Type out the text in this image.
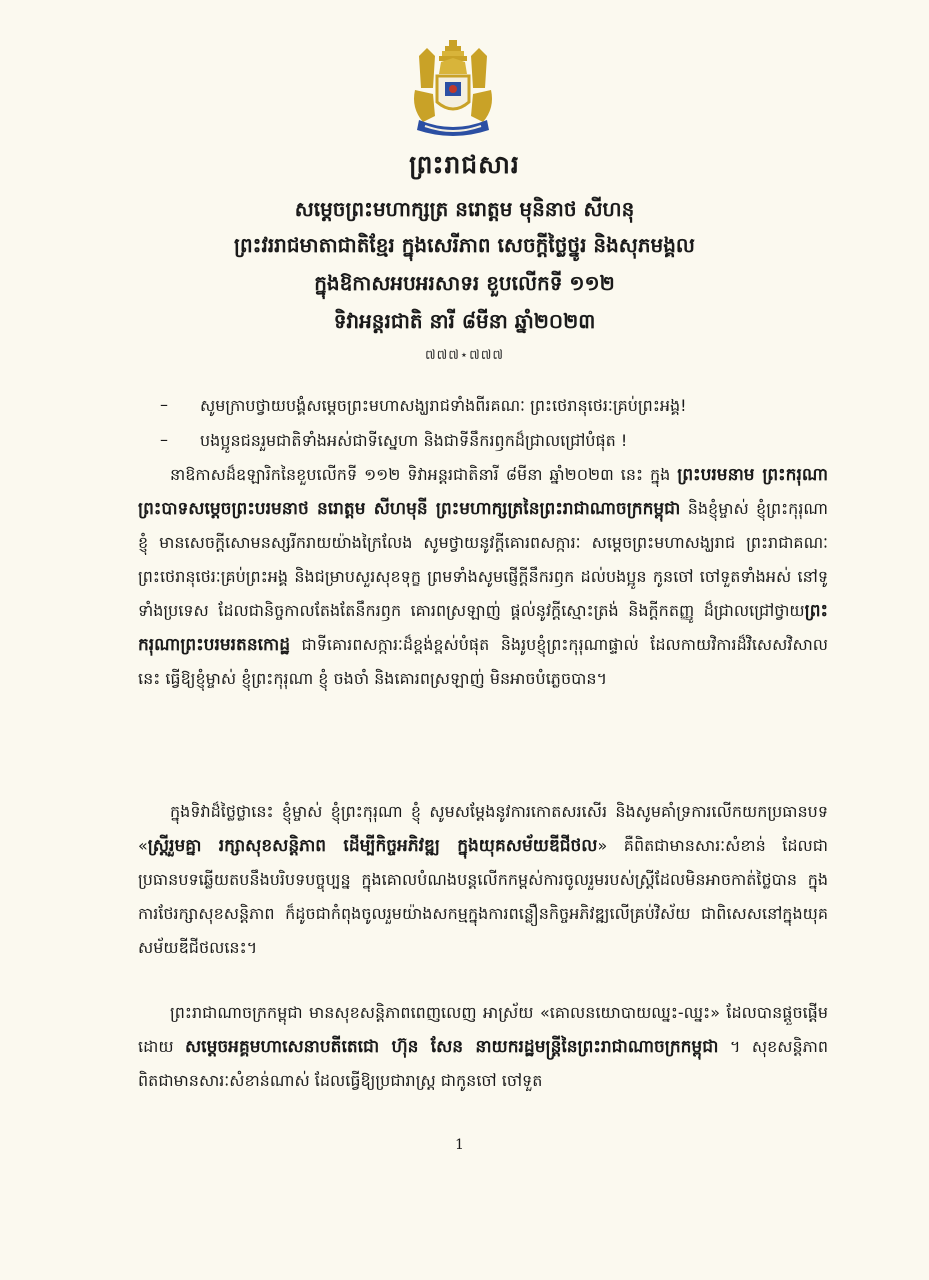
ព្រះរាជសារ
សម្តេចព្រះមហាក្សត្រ នរោត្តម មុនិនាថ សីហនុ
ព្រះវររាជមាតាជាតិខ្មែរ ក្នុងសេរីភាព សេចក្តីថ្លៃថ្នូរ និងសុភមង្គល
ក្នុងឱកាសអបអរសាទរ ខួបលើកទី ១១២
ទិវាអន្តរជាតិ នារី ៨មីនា ឆ្នាំ២០២៣
៧៧៧⋆៧៧៧
– សូមក្រាបថ្វាយបង្គំសម្តេចព្រះមហាសង្ឃរាជទាំងពីរគណៈ ព្រះថេរានុថេរៈគ្រប់ព្រះអង្គ!
– បងប្អូនជនរួមជាតិទាំងអស់ជាទីស្នេហា និងជាទីនឹករឭកដ៏ជ្រាលជ្រៅបំផុត !
នាឱកាសដ៏ឧឡារិកនៃខួបលើកទី ១១២ ទិវាអន្តរជាតិនារី ៨មីនា ឆ្នាំ២០២៣ នេះ ក្នុង ព្រះបរមនាម ព្រះករុណា ព្រះបាទសម្តេចព្រះបរមនាថ នរោត្តម សីហមុនី ព្រះមហាក្សត្រនៃព្រះរាជាណាចក្រកម្ពុជា និងខ្ញុំម្ចាស់ ខ្ញុំព្រះកុរុណា ខ្ញុំ មានសេចក្តីសោមនស្សរីករាយយ៉ាងក្រៃលែង សូមថ្វាយនូវក្តីគោរពសក្ការៈ សម្តេចព្រះមហាសង្ឃរាជ ព្រះរាជាគណៈ ព្រះថេរានុថេរៈគ្រប់ព្រះអង្គ និងជម្រាបសួរសុខទុក្ខ ព្រមទាំងសូមផ្ញើក្តីនឹករឭក ដល់បងប្អូន កូនចៅ ចៅទួតទាំងអស់ នៅទូទាំងប្រទេស ដែលជានិច្ចកាលតែងតែនឹករឭក គោរពស្រឡាញ់ ផ្តល់នូវក្តីស្មោះត្រង់ និងក្តីកតញ្ញូ ដ៏ជ្រាលជ្រៅថ្វាយព្រះករុណាព្រះបរមរតនកោដ្ឋ ជាទីគោរពសក្ការៈដ៏ខ្ពង់ខ្ពស់បំផុត និងរូបខ្ញុំព្រះកុរុណាផ្ទាល់ ដែលកាយវិការដ៏វិសេសវិសាលនេះ ធ្វើឱ្យខ្ញុំម្ចាស់ ខ្ញុំព្រះកុរុណា ខ្ញុំ ចងចាំ និងគោរពស្រឡាញ់ មិនអាចបំភ្លេចបាន។
ក្នុងទិវាដ៏ថ្លៃថ្លានេះ ខ្ញុំម្ចាស់ ខ្ញុំព្រះកុរុណា ខ្ញុំ សូមសម្តែងនូវការកោតសរសើរ និងសូមគាំទ្រការលើកយកប្រធានបទ «ស្ត្រីរួមគ្នា រក្សាសុខសន្តិភាព ដើម្បីកិច្ចអភិវឌ្ឍ ក្នុងយុគសម័យឌីជីថល» គឺពិតជាមានសារៈសំខាន់ ដែលជាប្រធានបទឆ្លើយតបនឹងបរិបទបច្ចុប្បន្ន ក្នុងគោលបំណងបន្តលើកកម្ពស់ការចូលរួមរបស់ស្ត្រីដែលមិនអាចកាត់ថ្លៃបាន ក្នុងការថែរក្សាសុខសន្តិភាព ក៏ដូចជាកំពុងចូលរួមយ៉ាងសកម្មក្នុងការពន្លឿនកិច្ចអភិវឌ្ឍលើគ្រប់វិស័យ ជាពិសេសនៅក្នុងយុគសម័យឌីជីថលនេះ។
ព្រះរាជាណាចក្រកម្ពុជា មានសុខសន្តិភាពពេញលេញ អាស្រ័យ «គោលនយោបាយឈ្នះ-ឈ្នះ» ដែលបានផ្តួចផ្តើមដោយ សម្តេចអគ្គមហាសេនាបតីតេជោ ហ៊ុន សែន នាយករដ្ឋមន្ត្រីនៃព្រះរាជាណាចក្រកម្ពុជា ។ សុខសន្តិភាព ពិតជាមានសារៈសំខាន់ណាស់ ដែលធ្វើឱ្យប្រជារាស្ត្រ ជាកូនចៅ ចៅទួត
1
